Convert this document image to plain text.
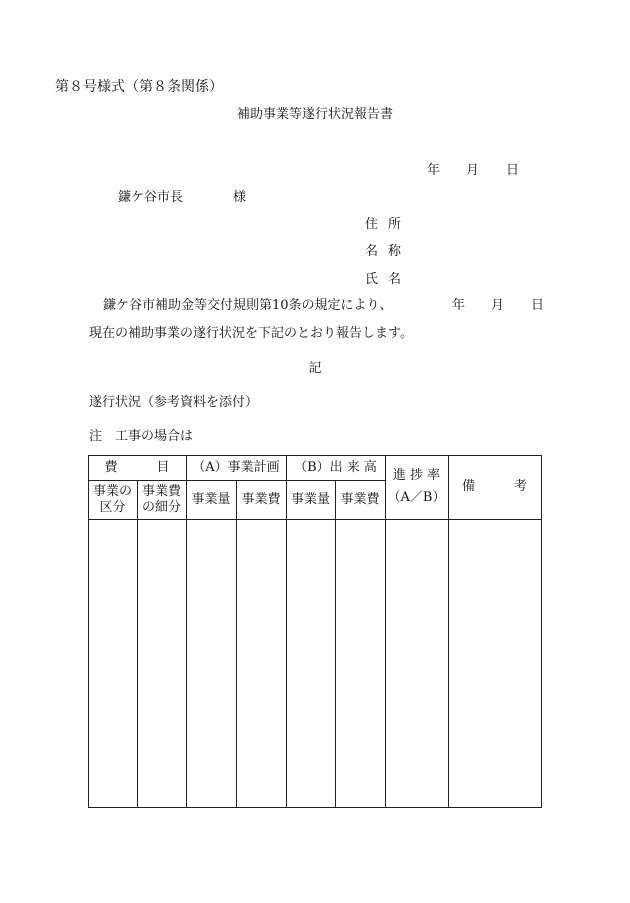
第８号様式（第８条関係）
補助事業等遂行状況報告書
年 月 日
鎌ケ谷市長	様
住所
名称
氏名
鎌ケ谷市補助金等交付規則第10条の規定により、	年 月 日
現在の補助事業の遂行状況を下記のとおり報告します。
記
遂行状況（参考資料を添付）
注　工事の場合は
費　　　目 （A）事業計画 （B）出 来 高
進 捗 率
（A／B）
備　　　考
事業の
区分
事業費
の細分
事業量 事業費 事業量 事業費
